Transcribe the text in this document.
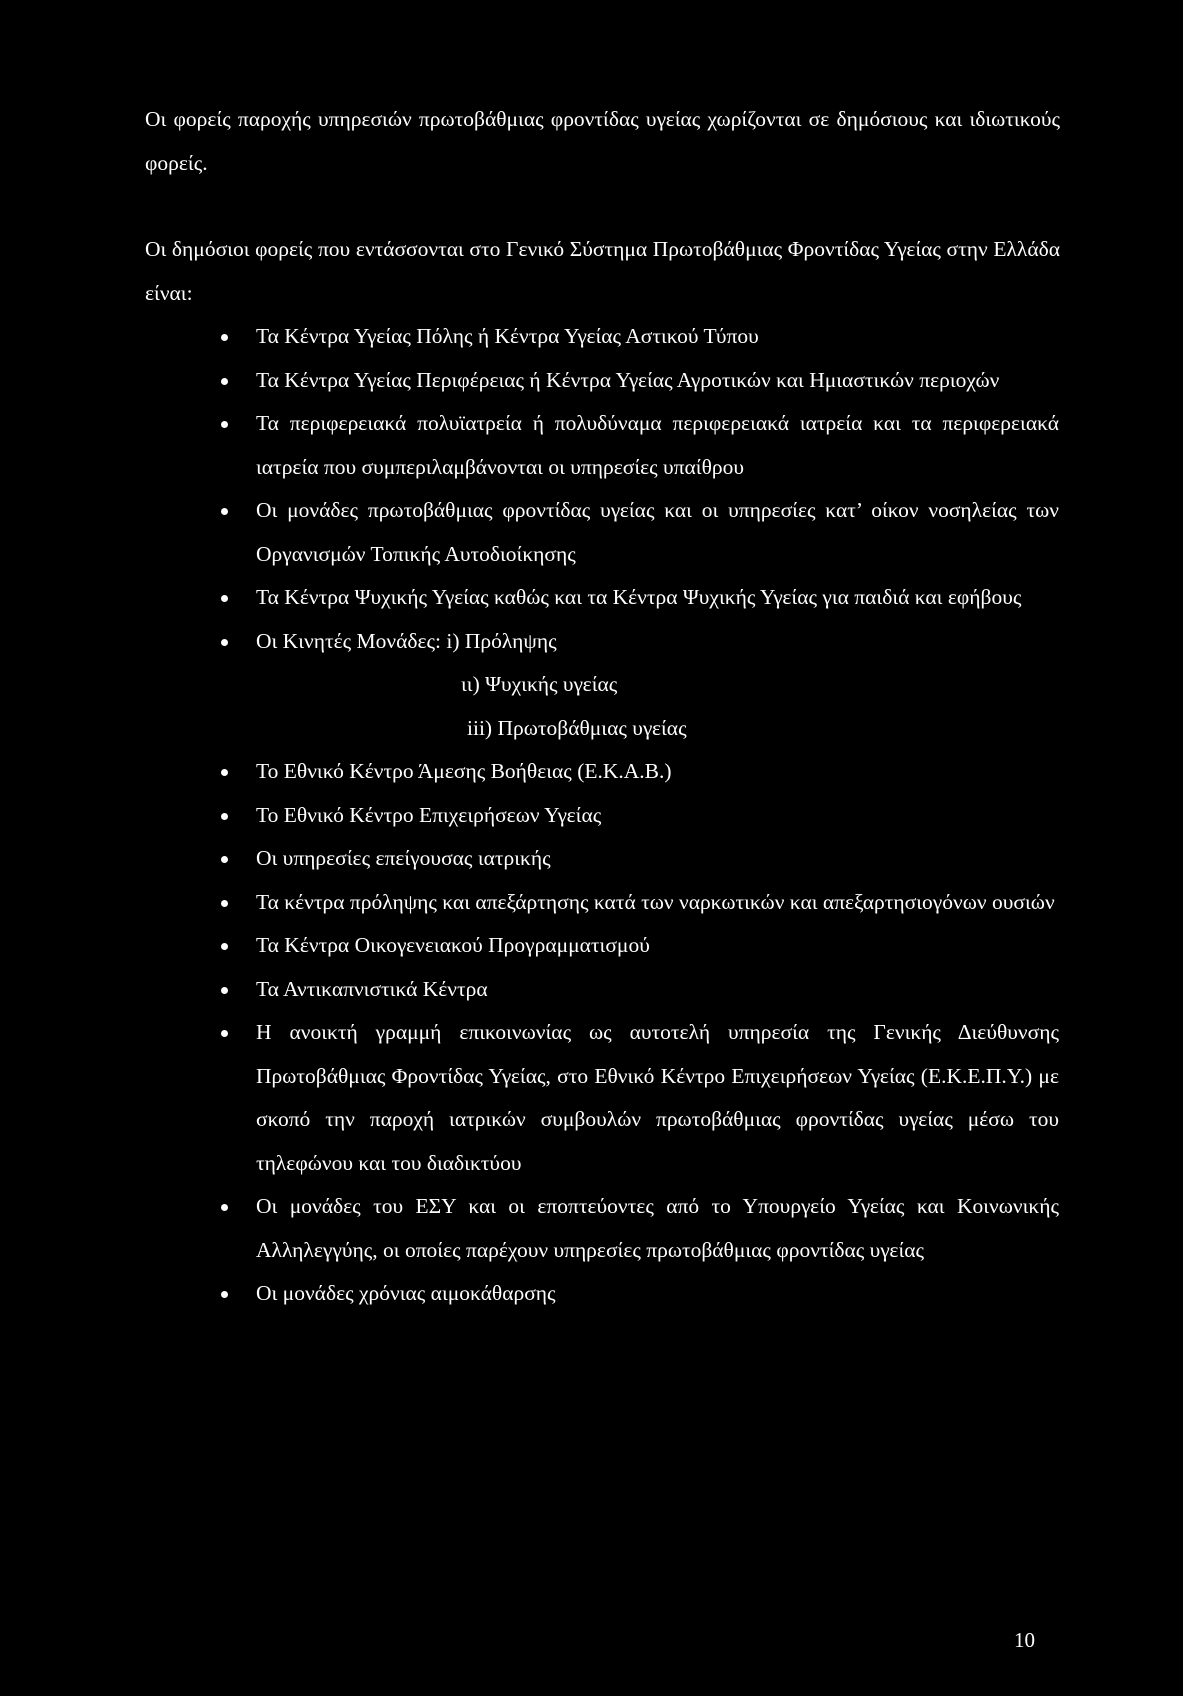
Οι φορείς παροχής υπηρεσιών πρωτοβάθμιας φροντίδας υγείας χωρίζονται σε δημόσιους και ιδιωτικούς φορείς.

Οι δημόσιοι φορείς που εντάσσονται στο Γενικό Σύστημα Πρωτοβάθμιας Φροντίδας Υγείας στην Ελλάδα είναι:

Τα Κέντρα Υγείας Πόλης ή Κέντρα Υγείας Αστικού Τύπου
Τα Κέντρα Υγείας Περιφέρειας ή Κέντρα Υγείας Αγροτικών και Ημιαστικών περιοχών
Τα περιφερειακά πολυϊατρεία ή πολυδύναμα περιφερειακά ιατρεία και τα περιφερειακά ιατρεία που συμπεριλαμβάνονται οι υπηρεσίες υπαίθρου
Οι μονάδες πρωτοβάθμιας φροντίδας υγείας και οι υπηρεσίες κατ’ οίκον νοσηλείας των Οργανισμών Τοπικής Αυτοδιοίκησης
Τα Κέντρα Ψυχικής Υγείας καθώς και τα Κέντρα Ψυχικής Υγείας για παιδιά και εφήβους
Οι Κινητές Μονάδες: i) Πρόληψης
ιι) Ψυχικής υγείας
iii) Πρωτοβάθμιας υγείας
Το Εθνικό Κέντρο Άμεσης Βοήθειας (Ε.Κ.Α.Β.)
Το Εθνικό Κέντρο Επιχειρήσεων Υγείας
Οι υπηρεσίες επείγουσας ιατρικής
Τα κέντρα πρόληψης και απεξάρτησης κατά των ναρκωτικών και απεξαρτησιογόνων ουσιών
Τα Κέντρα Οικογενειακού Προγραμματισμού
Τα Αντικαπνιστικά Κέντρα
Η ανοικτή γραμμή επικοινωνίας ως αυτοτελή υπηρεσία της Γενικής Διεύθυνσης Πρωτοβάθμιας Φροντίδας Υγείας, στο Εθνικό Κέντρο Επιχειρήσεων Υγείας (Ε.Κ.Ε.Π.Υ.) με σκοπό την παροχή ιατρικών συμβουλών πρωτοβάθμιας φροντίδας υγείας μέσω του τηλεφώνου και του διαδικτύου
Οι μονάδες του ΕΣΥ και οι εποπτεύοντες από το Υπουργείο Υγείας και Κοινωνικής Αλληλεγγύης, οι οποίες παρέχουν υπηρεσίες πρωτοβάθμιας φροντίδας υγείας
Οι μονάδες χρόνιας αιμοκάθαρσης
10
